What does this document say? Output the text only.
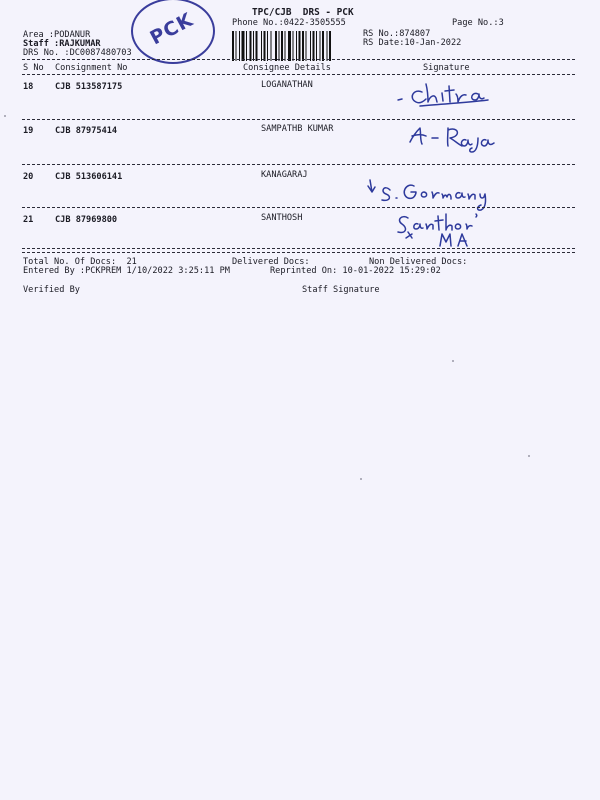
TPC/CJB  DRS - PCK
Phone No.:0422-3505555	Page No.:3
Area :PODANUR
Staff :RAJKUMAR
DRS No. :DC0087480703
RS No.:874807
RS Date:10-Jan-2022
PCK
S No Consignment No	Consignee Details	Signature
18	CJB 513587175	LOGANATHAN
19	CJB 87975414	SAMPATHB KUMAR
20	CJB 513606141	KANAGARAJ
21	CJB 87969800	SANTHOSH
Total No. Of Docs:  21	Delivered Docs:	Non Delivered Docs:
Entered By :PCKPREM 1/10/2022 3:25:11 PM	Reprinted On: 10-01-2022 15:29:02
Verified By	Staff Signature
